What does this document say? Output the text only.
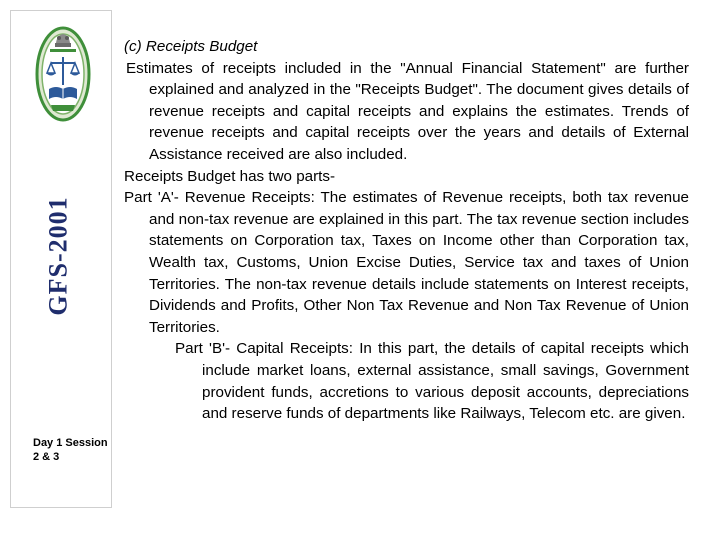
GFS-2001
Day 1 Session 2 & 3

(c) Receipts Budget

Estimates of receipts included in the "Annual Financial Statement" are further explained and analyzed in the "Receipts Budget". The document gives details of revenue receipts and capital receipts and explains the estimates. Trends of revenue receipts and capital receipts over the years and details of External Assistance received are also included.

Receipts Budget has two parts-

Part 'A'- Revenue Receipts: The estimates of Revenue receipts, both tax revenue and non-tax revenue are explained in this part. The tax revenue section includes statements on Corporation tax, Taxes on Income other than Corporation tax, Wealth tax, Customs, Union Excise Duties, Service tax and taxes of Union Territories. The non-tax revenue details include statements on Interest receipts, Dividends and Profits, Other Non Tax Revenue and Non Tax Revenue of Union Territories.

Part 'B'- Capital Receipts: In this part, the details of capital receipts which include market loans, external assistance, small savings, Government provident funds, accretions to various deposit accounts, depreciations and reserve funds of departments like Railways, Telecom etc. are given.
